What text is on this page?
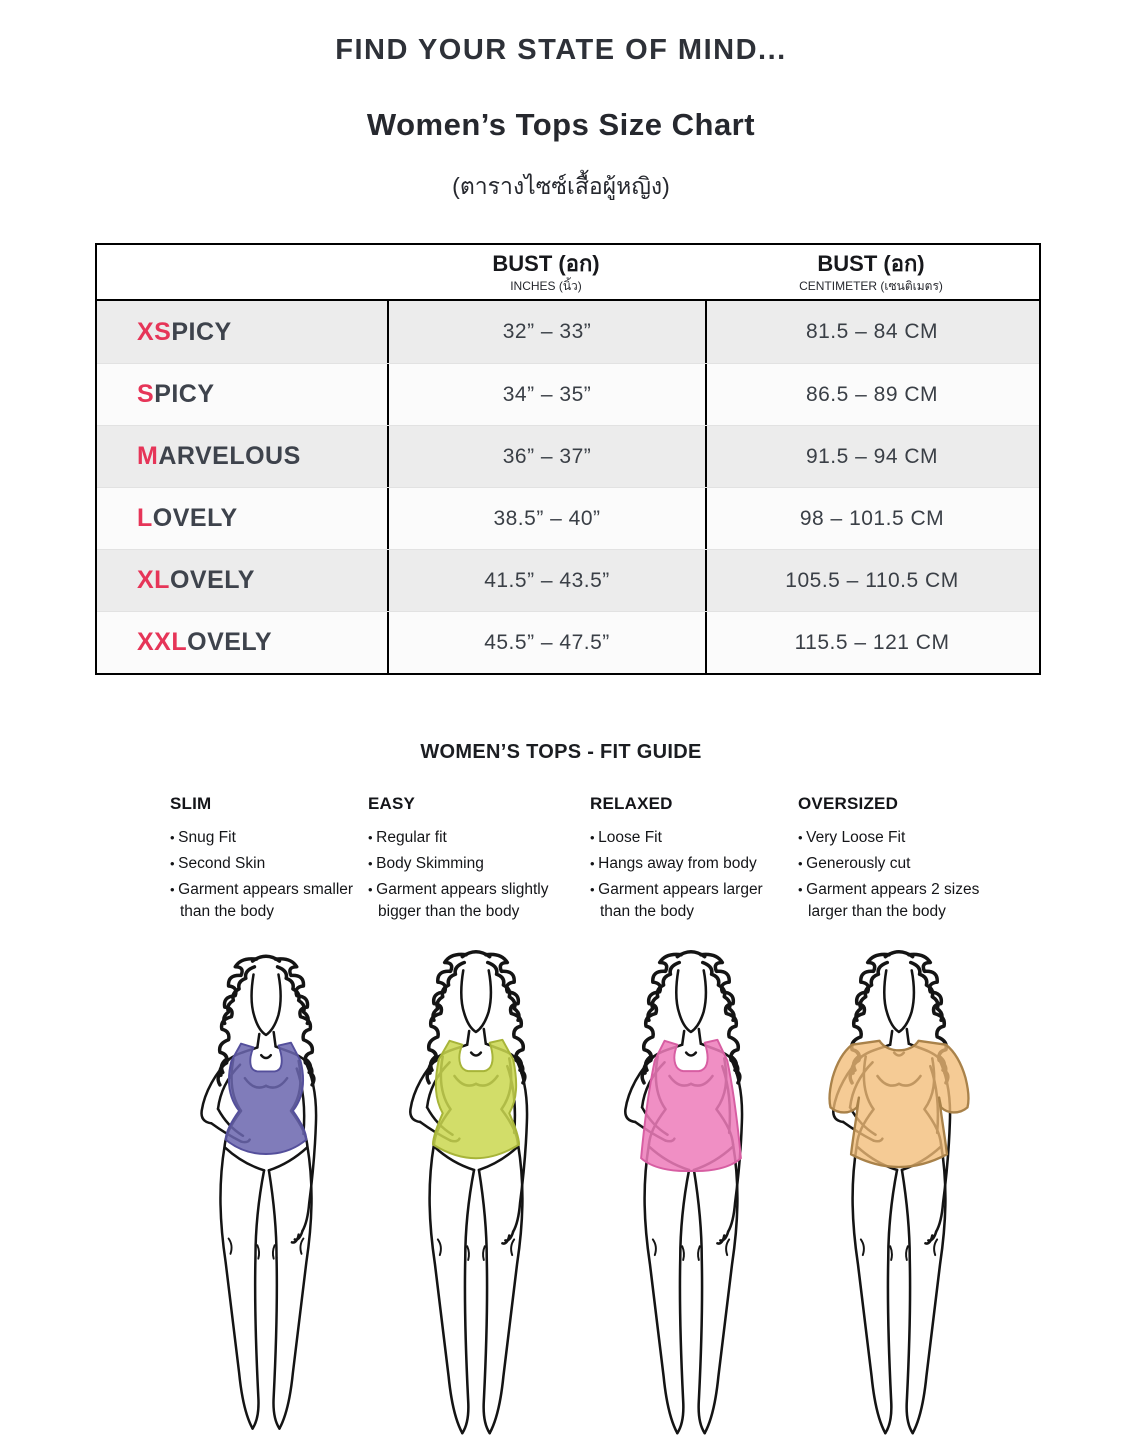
FIND YOUR STATE OF MIND...
Women’s Tops Size Chart
(ตารางไซซ์เสื้อผู้หญิง)
BUST (อก)
INCHES (นิ้ว)
BUST (อก)
CENTIMETER (เซนติเมตร)
XS PICY	32” – 33”	81.5 – 84 CM
S PICY	34” – 35”	86.5 – 89 CM
M ARVELOUS	36” – 37”	91.5 – 94 CM
L OVELY	38.5” – 40”	98 – 101.5 CM
XL OVELY	41.5” – 43.5”	105.5 – 110.5 CM
XXL OVELY	45.5” – 47.5”	115.5 – 121 CM
WOMEN’S TOPS - FIT GUIDE
SLIM
• Snug Fit
• Second Skin
• Garment appears smaller than the body
EASY
• Regular fit
• Body Skimming
• Garment appears slightly bigger than the body
RELAXED
• Loose Fit
• Hangs away from body
• Garment appears larger than the body
OVERSIZED
• Very Loose Fit
• Generously cut
• Garment appears 2 sizes larger than the body
